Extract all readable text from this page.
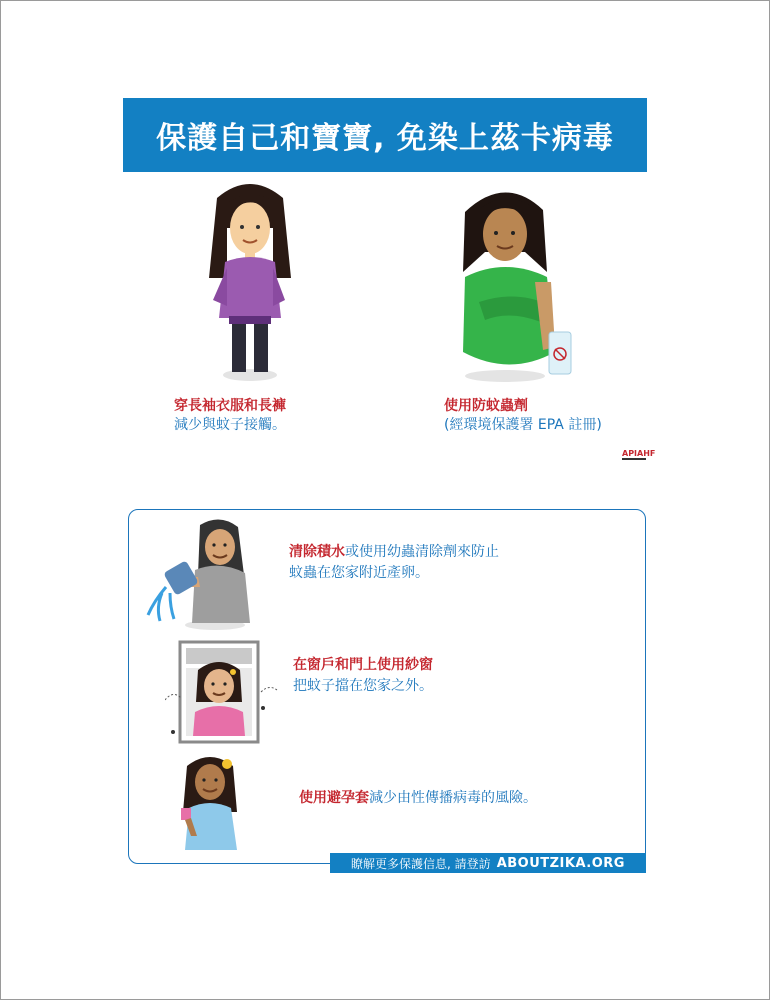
保護自己和寶寶, 免染上茲卡病毒
穿長袖衣服和長褲
減少與蚊子接觸。
使用防蚊蟲劑
(經環境保護署 EPA 註冊)
APIAHF
清除積水或使用幼蟲清除劑來防止
蚊蟲在您家附近產卵。
在窗戶和門上使用紗窗
把蚊子擋在您家之外。
使用避孕套減少由性傳播病毒的風險。
瞭解更多保護信息, 請登訪 ABOUTZIKA.ORG
